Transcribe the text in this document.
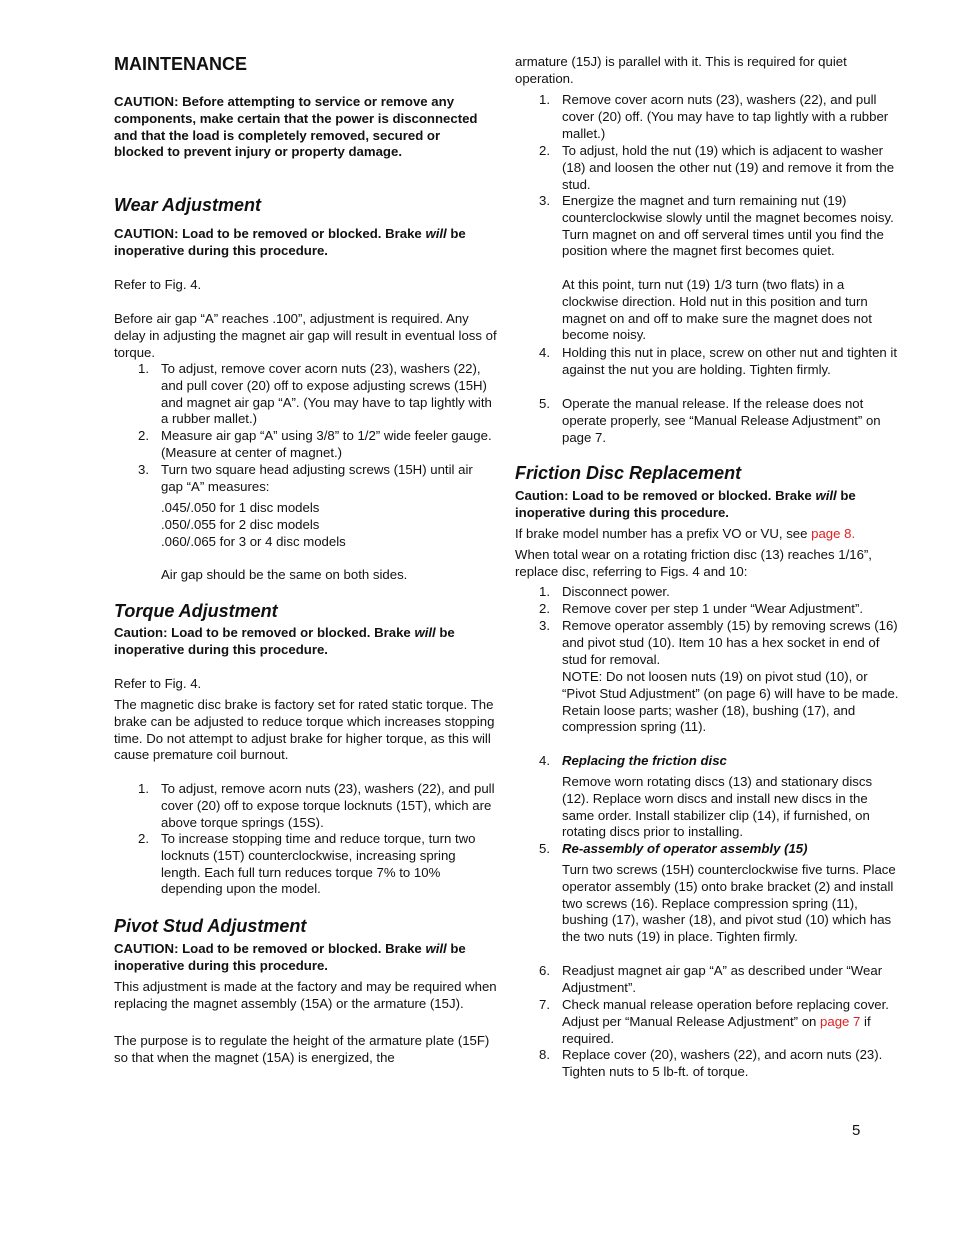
MAINTENANCE

CAUTION: Before attempting to service or remove any components, make certain that the power is disconnected and that the load is completely removed, secured or blocked to prevent injury or property damage.

Wear Adjustment

CAUTION: Load to be removed or blocked. Brake will be inoperative during this procedure.

Refer to Fig. 4.

Before air gap “A” reaches .100”, adjustment is required. Any delay in adjusting the magnet air gap will result in eventual loss of torque.

1. To adjust, remove cover acorn nuts (23), washers (22), and pull cover (20) off to expose adjusting screws (15H) and magnet air gap “A”. (You may have to tap lightly with a rubber mallet.)
2. Measure air gap “A” using 3/8” to 1/2” wide feeler gauge. (Measure at center of magnet.)
3. Turn two square head adjusting screws (15H) until air gap “A” measures:
.045/.050 for 1 disc models
.050/.055 for 2 disc models
.060/.065 for 3 or 4 disc models

Air gap should be the same on both sides.

Torque Adjustment

Caution: Load to be removed or blocked. Brake will be inoperative during this procedure.

Refer to Fig. 4.

The magnetic disc brake is factory set for rated static torque. The brake can be adjusted to reduce torque which increases stopping time. Do not attempt to adjust brake for higher torque, as this will cause premature coil burnout.

1. To adjust, remove acorn nuts (23), washers (22), and pull cover (20) off to expose torque locknuts (15T), which are above torque springs (15S).
2. To increase stopping time and reduce torque, turn two locknuts (15T) counterclockwise, increasing spring length. Each full turn reduces torque 7% to 10% depending upon the model.
Pivot Stud Adjustment

CAUTION: Load to be removed or blocked. Brake will be inoperative during this procedure.

This adjustment is made at the factory and may be required when replacing the magnet assembly (15A) or the armature (15J).

The purpose is to regulate the height of the armature plate (15F) so that when the magnet (15A) is energized, the

armature (15J) is parallel with it. This is required for quiet operation.

1. Remove cover acorn nuts (23), washers (22), and pull cover (20) off. (You may have to tap lightly with a rubber mallet.)
2. To adjust, hold the nut (19) which is adjacent to washer (18) and loosen the other nut (19) and remove it from the stud.
3. Energize the magnet and turn remaining nut (19) counterclockwise slowly until the magnet becomes noisy. Turn magnet on and off serveral times until you find the position where the magnet first becomes quiet.

At this point, turn nut (19) 1/3 turn (two flats) in a clockwise direction. Hold nut in this position and turn magnet on and off to make sure the magnet does not become noisy.

4. Holding this nut in place, screw on other nut and tighten it against the nut you are holding. Tighten firmly.
5. Operate the manual release. If the release does not operate properly, see “Manual Release Adjustment” on page 7.
Friction Disc Replacement

Caution: Load to be removed or blocked. Brake will be inoperative during this procedure.

If brake model number has a prefix VO or VU, see page 8.

When total wear on a rotating friction disc (13) reaches 1/16”, replace disc, referring to Figs. 4 and 10:

1. Disconnect power.
2. Remove cover per step 1 under “Wear Adjustment”.
3. Remove operator assembly (15) by removing screws (16) and pivot stud (10). Item 10 has a hex socket in end of stud for removal.

NOTE: Do not loosen nuts (19) on pivot stud (10), or “Pivot Stud Adjustment” (on page 6) will have to be made. Retain loose parts; washer (18), bushing (17), and compression spring (11).

4. Replacing the friction disc

Remove worn rotating discs (13) and stationary discs (12). Replace worn discs and install new discs in the same order. Install stabilizer clip (14), if furnished, on rotating discs prior to installing.

5. Re-assembly of operator assembly (15)

Turn two screws (15H) counterclockwise five turns. Place operator assembly (15) onto brake bracket (2) and install two screws (16). Replace compression spring (11), bushing (17), washer (18), and pivot stud (10) which has the two nuts (19) in place. Tighten firmly.

6. Readjust magnet air gap “A” as described under “Wear Adjustment”.
7. Check manual release operation before replacing cover. Adjust per “Manual Release Adjustment” on page 7 if required.
8. Replace cover (20), washers (22), and acorn nuts (23). Tighten nuts to 5 lb-ft. of torque.
5
